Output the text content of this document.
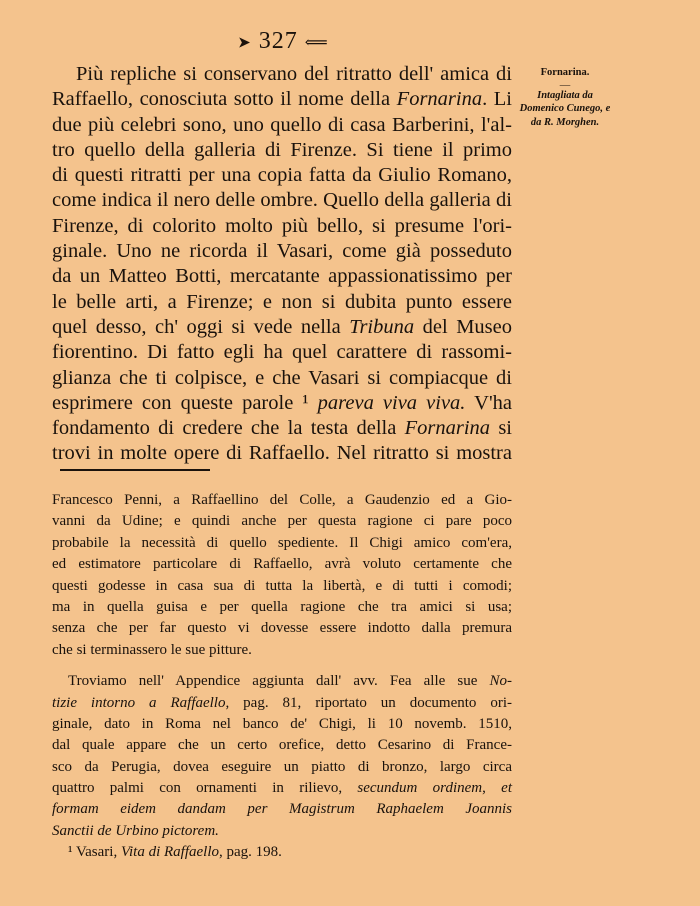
➤ 327 ⟸
Più repliche si conservano del ritratto dell' amica di
Raffaello, conosciuta sotto il nome della Fornarina. Li
due più celebri sono, uno quello di casa Barberini, l'al-
tro quello della galleria di Firenze. Si tiene il primo
di questi ritratti per una copia fatta da Giulio Romano,
come indica il nero delle ombre. Quello della galleria di
Firenze, di colorito molto più bello, si presume l'ori-
ginale. Uno ne ricorda il Vasari, come già posseduto
da un Matteo Botti, mercatante appassionatissimo per
le belle arti, a Firenze; e non si dubita punto essere
quel desso, ch' oggi si vede nella Tribuna del Museo
fiorentino. Di fatto egli ha quel carattere di rassomi-
glianza che ti colpisce, e che Vasari si compiacque di
esprimere con queste parole ¹ pareva viva viva. V'ha
fondamento di credere che la testa della Fornarina si
trovi in molte opere di Raffaello. Nel ritratto si mostra
Fornarina.
—
Intagliata da Domenico Cunego, e da R. Morghen.
Francesco Penni, a Raffaellino del Colle, a Gaudenzio ed a Gio-
vanni da Udine; e quindi anche per questa ragione ci pare poco
probabile la necessità di quello spediente. Il Chigi amico com'era,
ed estimatore particolare di Raffaello, avrà voluto certamente che
questi godesse in casa sua di tutta la libertà, e di tutti i comodi;
ma in quella guisa e per quella ragione che tra amici si usa;
senza che per far questo vi dovesse essere indotto dalla premura
che si terminassero le sue pitture.
Troviamo nell' Appendice aggiunta dall' avv. Fea alle sue No-
tizie intorno a Raffaello, pag. 81, riportato un documento ori-
ginale, dato in Roma nel banco de' Chigi, li 10 novemb. 1510,
dal quale appare che un certo orefice, detto Cesarino di France-
sco da Perugia, dovea eseguire un piatto di bronzo, largo circa
quattro palmi con ornamenti in rilievo, secundum ordinem, et
formam eidem dandam per Magistrum Raphaelem Joannis
Sanctii de Urbino pictorem.
¹ Vasari, Vita di Raffaello, pag. 198.
